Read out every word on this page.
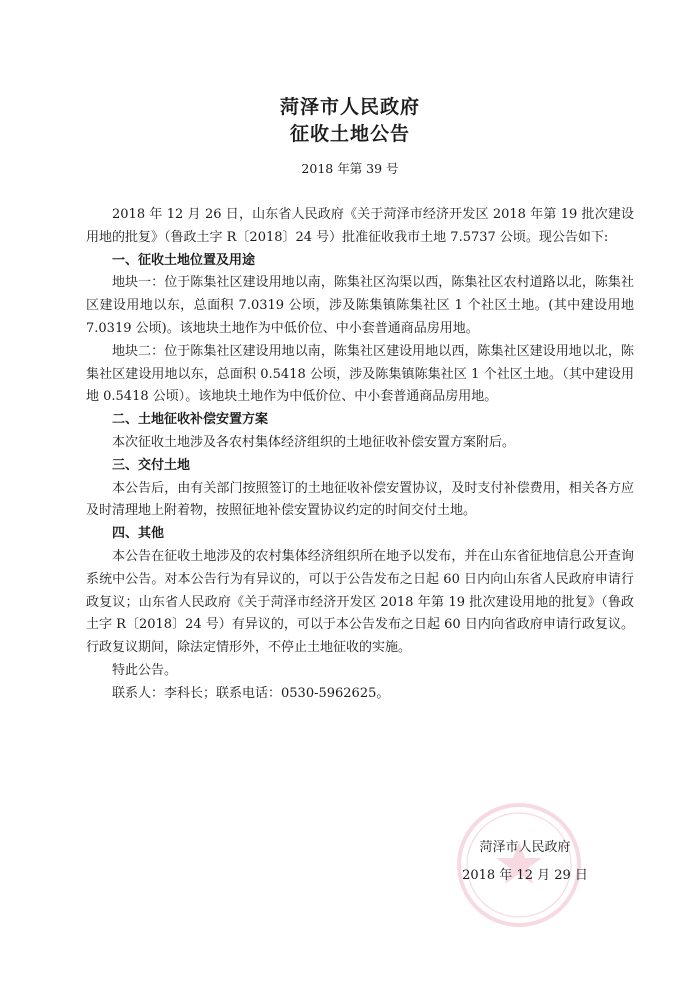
菏泽市人民政府
征收土地公告
2018 年第 39 号

2018 年 12 月 26 日，山东省人民政府《关于菏泽市经济开发区 2018 年第 19 批次建设用地的批复》（鲁政土字 R〔2018〕24 号）批准征收我市土地 7.5737 公顷。现公告如下:

一、征收土地位置及用途

地块一：位于陈集社区建设用地以南，陈集社区沟渠以西，陈集社区农村道路以北，陈集社区建设用地以东，总面积 7.0319 公顷，涉及陈集镇陈集社区 1 个社区土地。(其中建设用地 7.0319 公顷)。该地块土地作为中低价位、中小套普通商品房用地。

地块二：位于陈集社区建设用地以南，陈集社区建设用地以西，陈集社区建设用地以北，陈集社区建设用地以东，总面积 0.5418 公顷，涉及陈集镇陈集社区 1 个社区土地。（其中建设用地 0.5418 公顷）。该地块土地作为中低价位、中小套普通商品房用地。

二、土地征收补偿安置方案

本次征收土地涉及各农村集体经济组织的土地征收补偿安置方案附后。

三、交付土地

本公告后，由有关部门按照签订的土地征收补偿安置协议，及时支付补偿费用，相关各方应及时清理地上附着物，按照征地补偿安置协议约定的时间交付土地。

四、其他

本公告在征收土地涉及的农村集体经济组织所在地予以发布，并在山东省征地信息公开查询系统中公告。对本公告行为有异议的，可以于公告发布之日起 60 日内向山东省人民政府申请行政复议；山东省人民政府《关于菏泽市经济开发区 2018 年第 19 批次建设用地的批复》（鲁政土字 R〔2018〕24 号）有异议的，可以于本公告发布之日起 60 日内向省政府申请行政复议。行政复议期间，除法定情形外，不停止土地征收的实施。

特此公告。

联系人：李科长；联系电话：0530-5962625。

菏泽市人民政府
2018 年 12 月 29 日
